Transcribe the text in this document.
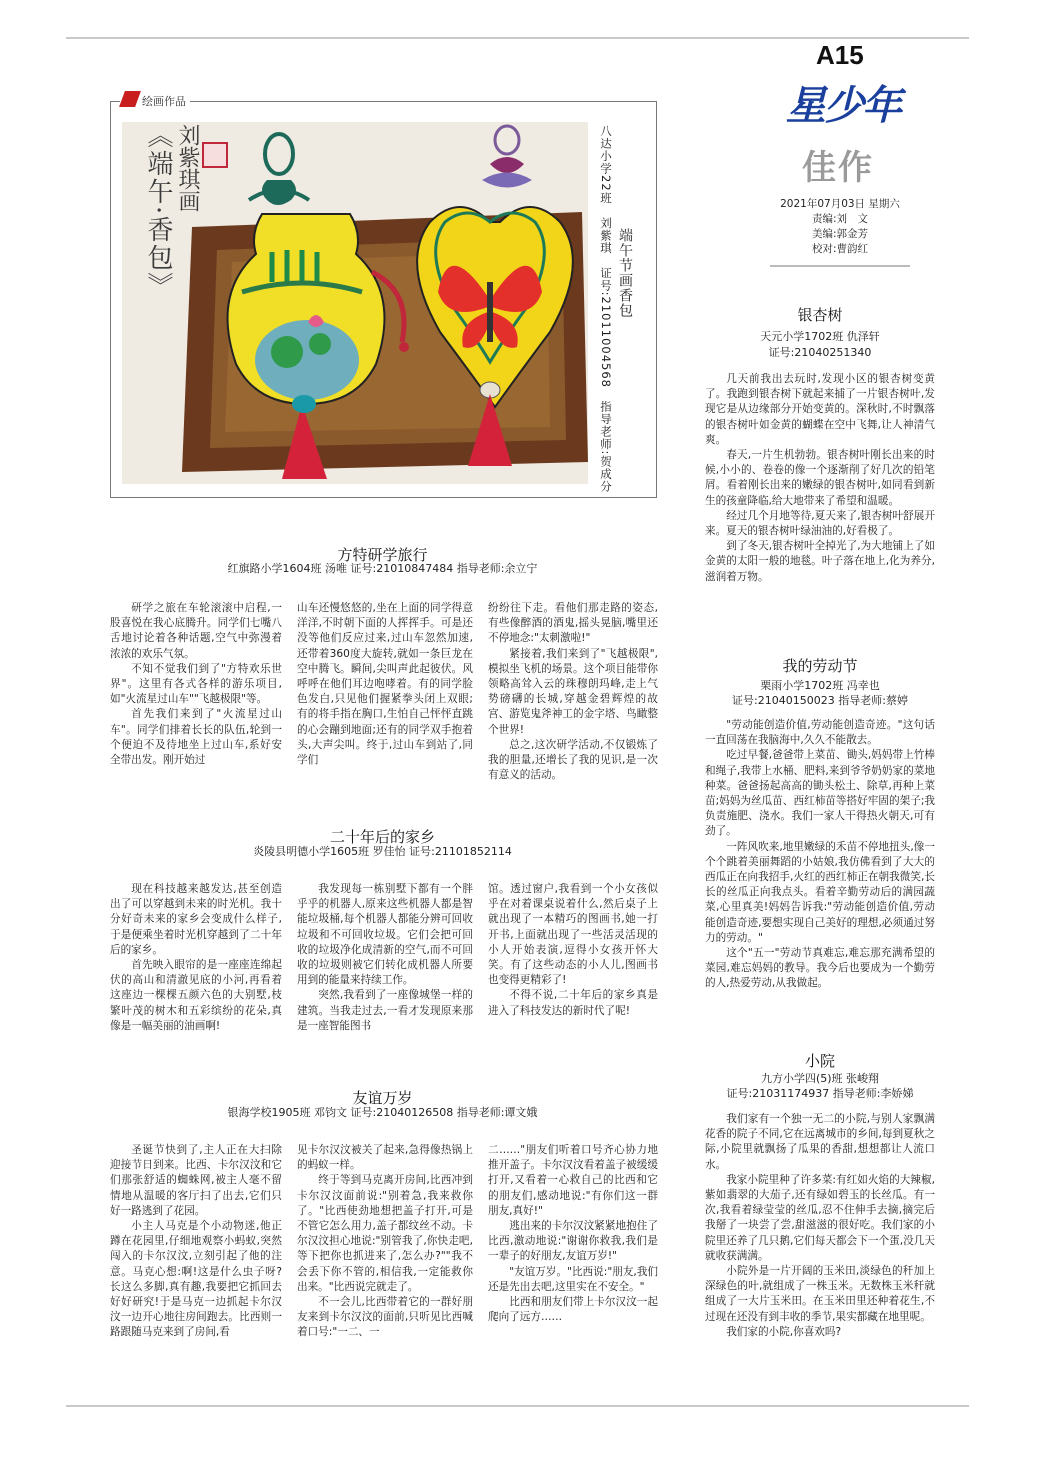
A15
星少年
佳作
2021年07月03日 星期六
责编:刘　文
美编:郭金芳
校对:曹韵红
绘画作品
《端午·香包》 刘紫琪画
端午节画香包
八达小学22班　刘紫琪　证号:21011004568　指导老师:贺成分
方特研学旅行
红旗路小学1604班 汤唯 证号:21010847484 指导老师:余立宁

研学之旅在车轮滚滚中启程,一股喜悦在我心底腾升。同学们七嘴八舌地讨论着各种话题,空气中弥漫着浓浓的欢乐气氛。

不知不觉我们到了"方特欢乐世界"。这里有各式各样的游乐项目,如"火流星过山车""飞越极限"等。

首先我们来到了"火流星过山车"。同学们排着长长的队伍,轮到一个便迫不及待地坐上过山车,系好安全带出发。刚开始过

山车还慢悠悠的,坐在上面的同学得意洋洋,不时朝下面的人挥挥手。可是还没等他们反应过来,过山车忽然加速,还带着360度大旋转,就如一条巨龙在空中腾飞。瞬间,尖叫声此起彼伏。风呼呼在他们耳边咆哮着。有的同学脸色发白,只见他们握紧拳头闭上双眼;有的将手指在胸口,生怕自己怦怦直跳的心会蹦到地面;还有的同学双手抱着头,大声尖叫。终于,过山车到站了,同学们

纷纷往下走。看他们那走路的姿态,有些像醉酒的酒鬼,摇头晃脑,嘴里还不停地念:"太刺激啦!"

紧接着,我们来到了"飞越极限",模拟坐飞机的场景。这个项目能带你领略高耸入云的珠穆朗玛峰,走上气势磅礴的长城,穿越金碧辉煌的故宫、游览鬼斧神工的金字塔、鸟瞰整个世界!

总之,这次研学活动,不仅锻炼了我的胆量,还增长了我的见识,是一次有意义的活动。

二十年后的家乡
炎陵县明德小学1605班 罗佳怡 证号:21101852114

现在科技越来越发达,甚至创造出了可以穿越到未来的时光机。我十分好奇未来的家乡会变成什么样子,于是便乘坐着时光机穿越到了二十年后的家乡。

首先映入眼帘的是一座座连绵起伏的高山和清澈见底的小河,再看着这座边一棵棵五颜六色的大别墅,枝繁叶茂的树木和五彩缤纷的花朵,真像是一幅美丽的油画啊!

我发现每一栋别墅下都有一个胖乎乎的机器人,原来这些机器人都是智能垃圾桶,每个机器人都能分辨可回收垃圾和不可回收垃圾。它们会把可回收的垃圾净化成清新的空气,而不可回收的垃圾则被它们转化成机器人所要用到的能量来持续工作。

突然,我看到了一座像城堡一样的建筑。当我走过去,一看才发现原来那是一座智能图书

馆。透过窗户,我看到一个小女孩似乎在对着课桌说着什么,然后桌子上就出现了一本精巧的图画书,她一打开书,上面就出现了一些活灵活现的小人开始表演,逗得小女孩开怀大笑。有了这些动态的小人儿,图画书也变得更精彩了!

不得不说,二十年后的家乡真是进入了科技发达的新时代了呢!

友谊万岁
银海学校1905班 邓钧文 证号:21040126508 指导老师:谭文娥

圣诞节快到了,主人正在大扫除迎接节日到来。比西、卡尔汉汶和它们那张舒适的蜘蛛网,被主人毫不留情地从温暖的客厅扫了出去,它们只好一路逃到了花园。

小主人马克是个小动物迷,他正蹲在花园里,仔细地观察小蚂蚁,突然闯入的卡尔汉汶,立刻引起了他的注意。马克心想:啊!这是什么虫子呀?长这么多脚,真有趣,我要把它抓回去好好研究!于是马克一边抓起卡尔汉汶一边开心地往房间跑去。比西则一路跟随马克来到了房间,看

见卡尔汉汶被关了起来,急得像热锅上的蚂蚁一样。

终于等到马克离开房间,比西冲到卡尔汉汶面前说:"别着急,我来救你了。"比西使劲地想把盖子打开,可是不管它怎么用力,盖子都纹丝不动。卡尔汉汶担心地说:"别管我了,你快走吧,等下把你也抓进来了,怎么办?""我不会丢下你不管的,相信我,一定能救你出来。"比西说完就走了。

不一会儿,比西带着它的一群好朋友来到卡尔汉汶的面前,只听见比西喊着口号:"一二、一

二……"朋友们听着口号齐心协力地推开盖子。卡尔汉汶看着盖子被缓缓打开,又看着一心救自己的比西和它的朋友们,感动地说:"有你们这一群朋友,真好!"

逃出来的卡尔汉汶紧紧地抱住了比西,激动地说:"谢谢你救我,我们是一辈子的好朋友,友谊万岁!"

"友谊万岁。"比西说:"朋友,我们还是先出去吧,这里实在不安全。"

比西和朋友们带上卡尔汉汶一起爬向了远方……

银杏树
天元小学1702班 仇泽轩
证号:21040251340

几天前我出去玩时,发现小区的银杏树变黄了。我跑到银杏树下就起来捕了一片银杏树叶,发现它是从边缘部分开始变黄的。深秋时,不时飘落的银杏树叶如金黄的蝴蝶在空中飞舞,让人神清气爽。

春天,一片生机勃勃。银杏树叶刚长出来的时候,小小的、卷卷的像一个逐渐削了好几次的铅笔屑。看着刚长出来的嫩绿的银杏树叶,如同看到新生的孩童降临,给大地带来了希望和温暖。

经过几个月地等待,夏天来了,银杏树叶舒展开来。夏天的银杏树叶绿油油的,好看极了。

到了冬天,银杏树叶全掉光了,为大地铺上了如金黄的太阳一般的地毯。叶子落在地上,化为养分,滋润着万物。

我的劳动节
栗雨小学1702班 冯幸也
证号:21040150023 指导老师:蔡婷

"劳动能创造价值,劳动能创造奇迹。"这句话一直回荡在我脑海中,久久不能散去。

吃过早餐,爸爸带上菜苗、锄头,妈妈带上竹棒和绳子,我带上水桶、肥料,来到爷爷奶奶家的菜地种菜。爸爸扬起高高的锄头松土、除草,再种上菜苗;妈妈为丝瓜苗、西红柿苗等搭好牢固的架子;我负责施肥、浇水。我们一家人干得热火朝天,可有劲了。

一阵风吹来,地里嫩绿的禾苗不停地扭头,像一个个跳着美丽舞蹈的小姑娘,我仿佛看到了大大的西瓜正在向我招手,火红的西红柿正在朝我微笑,长长的丝瓜正向我点头。看着辛勤劳动后的满园蔬菜,心里真美!妈妈告诉我:"劳动能创造价值,劳动能创造奇迹,要想实现自己美好的理想,必须通过努力的劳动。"

这个"五一"劳动节真难忘,难忘那充满希望的菜园,难忘妈妈的教导。我今后也要成为一个勤劳的人,热爱劳动,从我做起。

小院
九方小学四(5)班 张峻翔
证号:21031174937 指导老师:李娇娣

我们家有一个独一无二的小院,与别人家飘满花香的院子不同,它在远离城市的乡间,每到夏秋之际,小院里就飘扬了瓜果的香甜,想想都让人流口水。

我家小院里种了许多菜:有红如火焰的大辣椒,紫如翡翠的大茄子,还有绿如碧玉的长丝瓜。有一次,我看着绿莹莹的丝瓜,忍不住伸手去摘,摘完后我掰了一块尝了尝,甜滋滋的很好吃。我们家的小院里还养了几只鹅,它们每天都会下一个蛋,没几天就收获满满。

小院外是一片开阔的玉米田,淡绿色的秆加上深绿色的叶,就组成了一株玉米。无数株玉米秆就组成了一大片玉米田。在玉米田里还种着花生,不过现在还没有到丰收的季节,果实都藏在地里呢。

我们家的小院,你喜欢吗?
